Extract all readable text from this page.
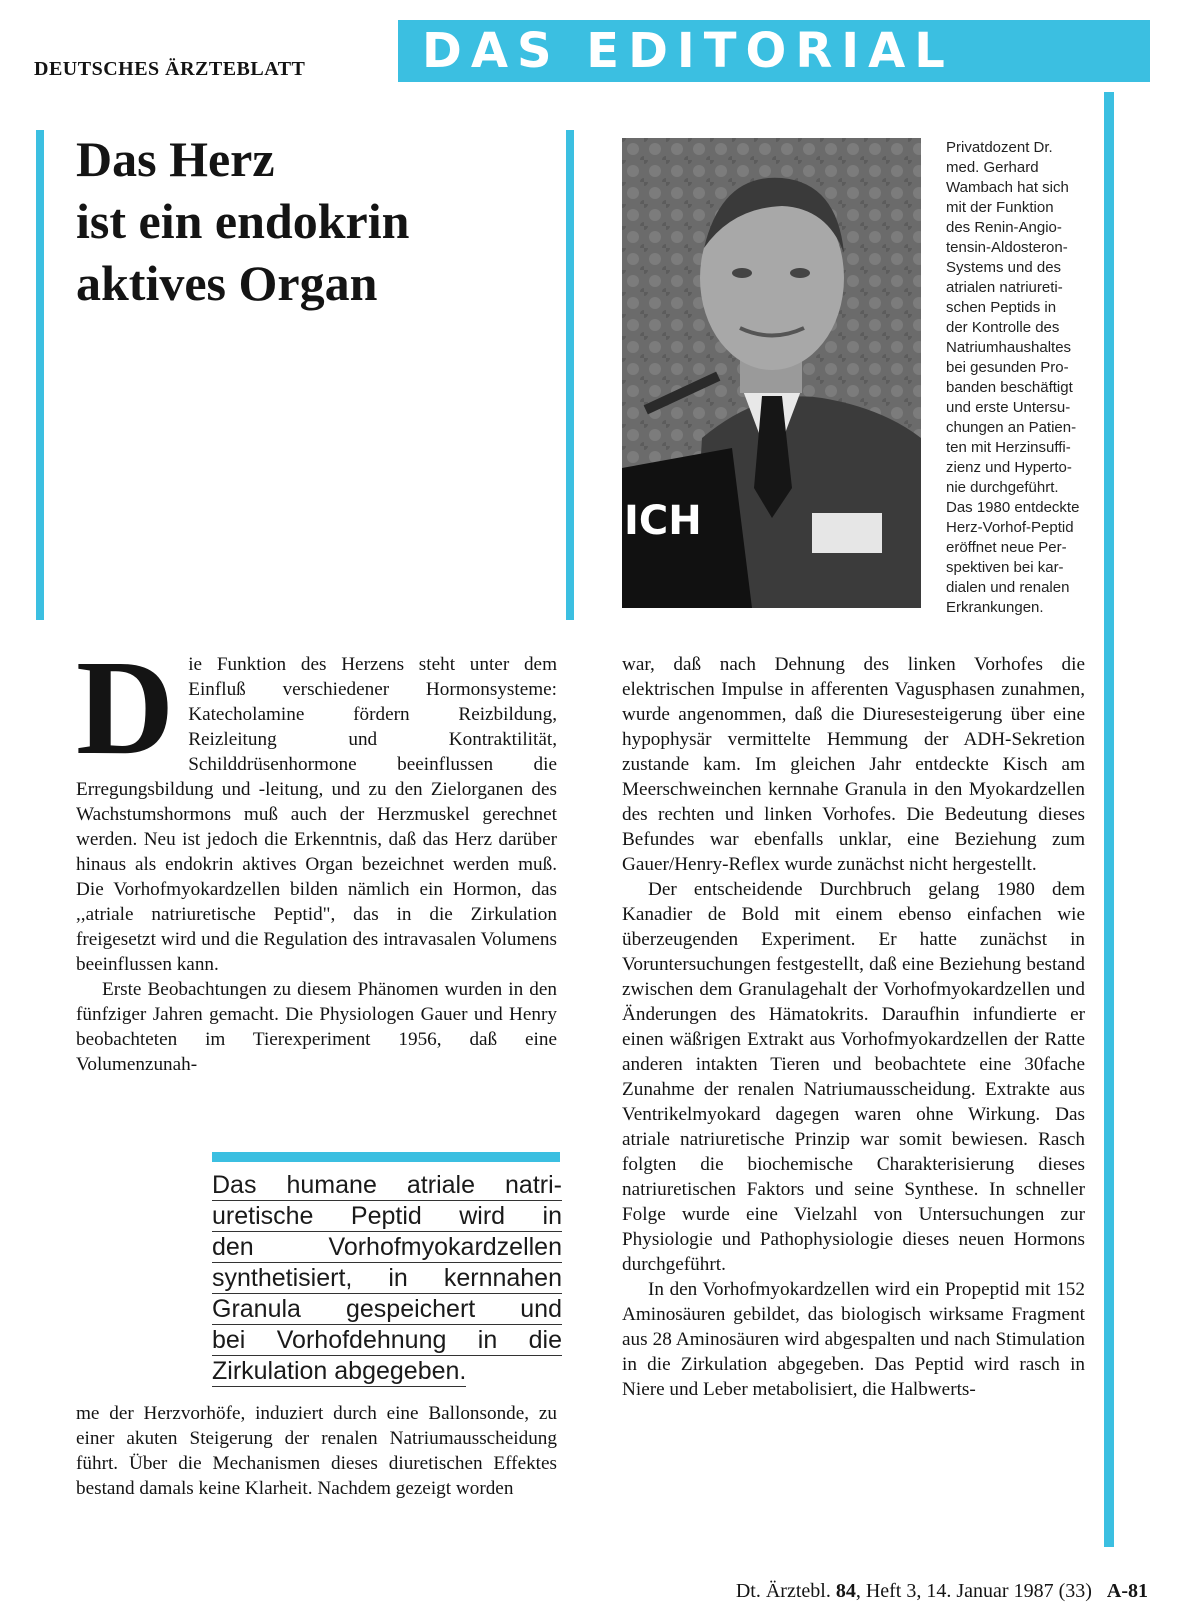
DEUTSCHES ÄRZTEBLATT	DAS EDITORIAL
Das Herz
ist ein endokrin
aktives Organ
ICH
Privatdozent Dr.
med. Gerhard
Wambach hat sich
mit der Funktion
des Renin-Angio-
tensin-Aldosteron-
Systems und des
atrialen natriureti-
schen Peptids in
der Kontrolle des
Natriumhaushaltes
bei gesunden Pro-
banden beschäftigt
und erste Untersu-
chungen an Patien-
ten mit Herzinsuffi-
zienz und Hyperto-
nie durchgeführt.
Das 1980 entdeckte
Herz-Vorhof-Peptid
eröffnet neue Per-
spektiven bei kar-
dialen und renalen
Erkrankungen.
D ie Funktion des Herzens steht unter dem Einfluß verschiedener Hormonsysteme: Katecholamine fördern Reizbildung, Reizleitung und Kontraktilität, Schilddrüsenhormone beeinflussen die Erregungsbildung und -leitung, und zu den Zielorganen des Wachstumshormons muß auch der Herzmuskel gerechnet werden. Neu ist jedoch die Erkenntnis, daß das Herz darüber hinaus als endokrin aktives Organ bezeichnet werden muß. Die Vorhofmyokardzellen bilden nämlich ein Hormon, das ,,atriale natriuretische Peptid", das in die Zirkulation freigesetzt wird und die Regulation des intravasalen Volumens beeinflussen kann.

Erste Beobachtungen zu diesem Phänomen wurden in den fünfziger Jahren gemacht. Die Physiologen Gauer und Henry beobachteten im Tierexperiment 1956, daß eine Volumenzunah-

Das humane atriale natri-
uretische Peptid wird in
den Vorhofmyokardzellen
synthetisiert, in kernnahen
Granula gespeichert und
bei Vorhofdehnung in die
Zirkulation abgegeben.

me der Herzvorhöfe, induziert durch eine Ballonsonde, zu einer akuten Steigerung der renalen Natriumausscheidung führt. Über die Mechanismen dieses diuretischen Effektes bestand damals keine Klarheit. Nachdem gezeigt worden

war, daß nach Dehnung des linken Vorhofes die elektrischen Impulse in afferenten Vagusphasen zunahmen, wurde angenommen, daß die Diuresesteigerung über eine hypophysär vermittelte Hemmung der ADH-Sekretion zustande kam. Im gleichen Jahr entdeckte Kisch am Meerschweinchen kernnahe Granula in den Myokardzellen des rechten und linken Vorhofes. Die Bedeutung dieses Befundes war ebenfalls unklar, eine Beziehung zum Gauer/Henry-Reflex wurde zunächst nicht hergestellt.

Der entscheidende Durchbruch gelang 1980 dem Kanadier de Bold mit einem ebenso einfachen wie überzeugenden Experiment. Er hatte zunächst in Voruntersuchungen festgestellt, daß eine Beziehung bestand zwischen dem Granulagehalt der Vorhofmyokardzellen und Änderungen des Hämatokrits. Daraufhin infundierte er einen wäßrigen Extrakt aus Vorhofmyokardzellen der Ratte anderen intakten Tieren und beobachtete eine 30fache Zunahme der renalen Natriumausscheidung. Extrakte aus Ventrikelmyokard dagegen waren ohne Wirkung. Das atriale natriuretische Prinzip war somit bewiesen. Rasch folgten die biochemische Charakterisierung dieses natriuretischen Faktors und seine Synthese. In schneller Folge wurde eine Vielzahl von Untersuchungen zur Physiologie und Pathophysiologie dieses neuen Hormons durchgeführt.

In den Vorhofmyokardzellen wird ein Propeptid mit 152 Aminosäuren gebildet, das biologisch wirksame Fragment aus 28 Aminosäuren wird abgespalten und nach Stimulation in die Zirkulation abgegeben. Das Peptid wird rasch in Niere und Leber metabolisiert, die Halbwerts-

Dt. Ärztebl. 84, Heft 3, 14. Januar 1987 (33) A-81
